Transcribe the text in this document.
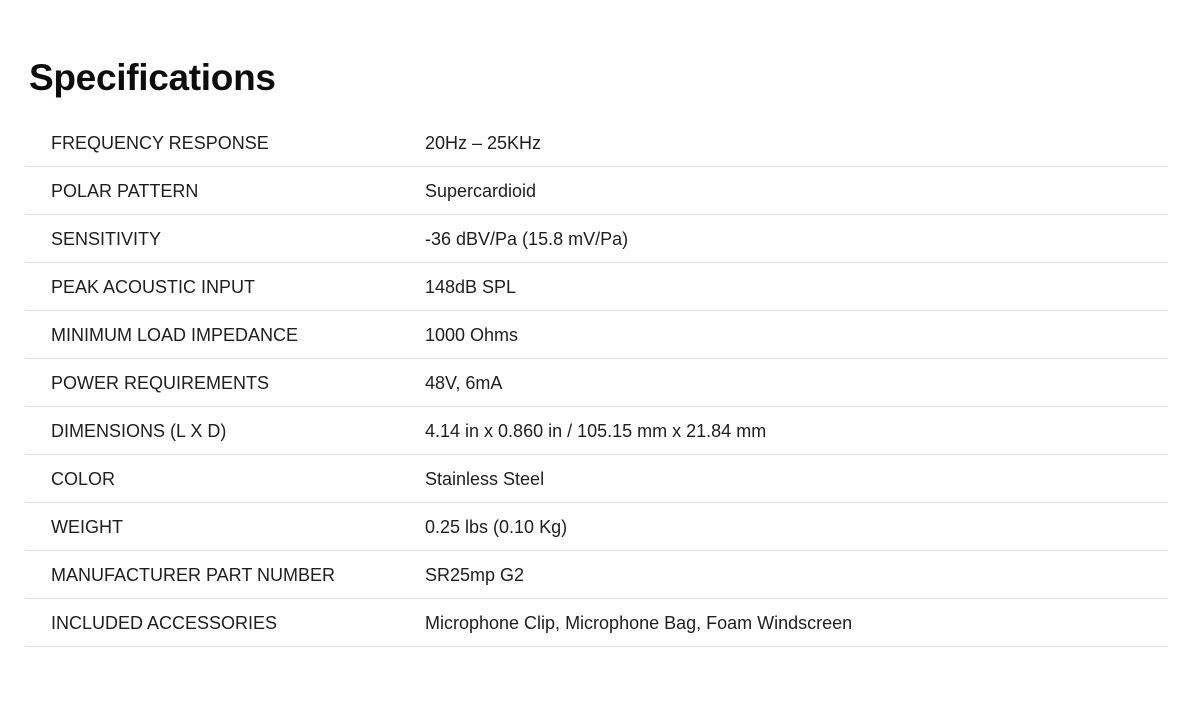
Specifications
FREQUENCY RESPONSE	20Hz – 25KHz
POLAR PATTERN	Supercardioid
SENSITIVITY	-36 dBV/Pa (15.8 mV/Pa)
PEAK ACOUSTIC INPUT	148dB SPL
MINIMUM LOAD IMPEDANCE	1000 Ohms
POWER REQUIREMENTS	48V, 6mA
DIMENSIONS (L X D)	4.14 in x 0.860 in / 105.15 mm x 21.84 mm
COLOR	Stainless Steel
WEIGHT	0.25 lbs (0.10 Kg)
MANUFACTURER PART NUMBER	SR25mp G2
INCLUDED ACCESSORIES	Microphone Clip, Microphone Bag, Foam Windscreen
